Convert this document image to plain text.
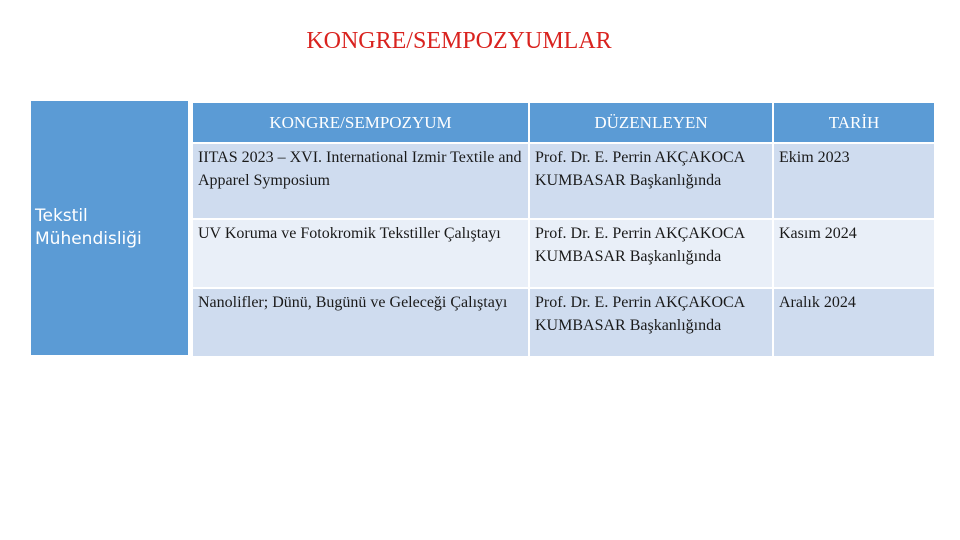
KONGRE/SEMPOZYUMLAR
Tekstil Mühendisliği
KONGRE/SEMPOZYUM	DÜZENLEYEN	TARİH
IITAS 2023 – XVI. International Izmir Textile and Apparel Symposium	Prof. Dr. E. Perrin AKÇAKOCA KUMBASAR Başkanlığında	Ekim 2023
UV Koruma ve Fotokromik Tekstiller Çalıştayı	Prof. Dr. E. Perrin AKÇAKOCA KUMBASAR Başkanlığında	Kasım 2024
Nanolifler; Dünü, Bugünü ve Geleceği Çalıştayı	Prof. Dr. E. Perrin AKÇAKOCA KUMBASAR Başkanlığında	Aralık 2024
